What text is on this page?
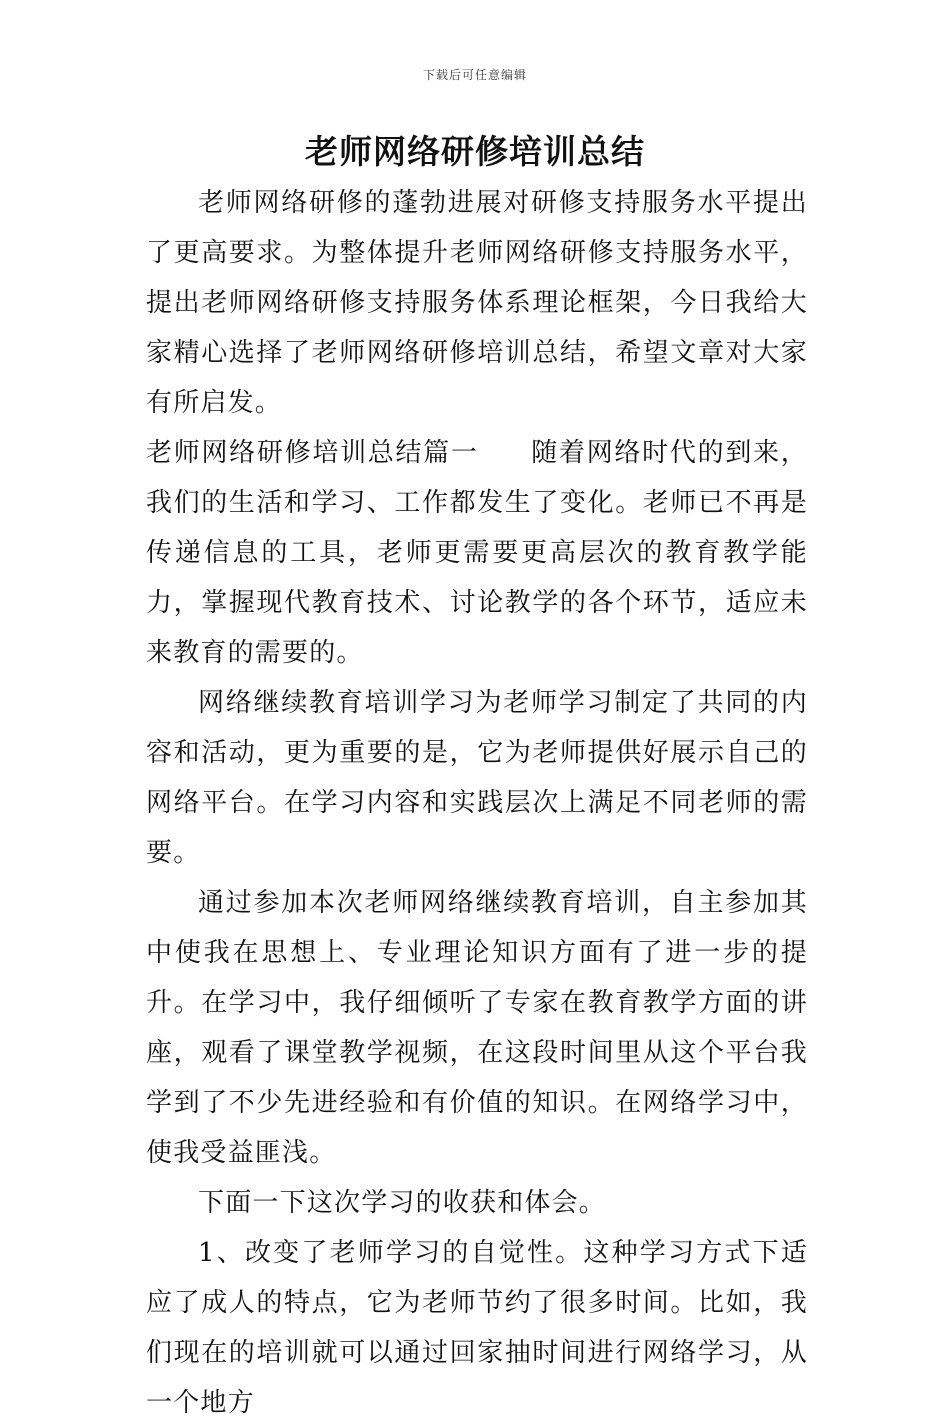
下载后可任意编辑
老师网络研修培训总结

老师网络研修的蓬勃进展对研修支持服务水平提出了更高要求。为整体提升老师网络研修支持服务水平，提出老师网络研修支持服务体系理论框架，今日我给大家精心选择了老师网络研修培训总结，希望文章对大家有所启发。

老师网络研修培训总结篇一 随着网络时代的到来，我们的生活和学习、工作都发生了变化。老师已不再是传递信息的工具，老师更需要更高层次的教育教学能力，掌握现代教育技术、讨论教学的各个环节，适应未来教育的需要的。

网络继续教育培训学习为老师学习制定了共同的内容和活动，更为重要的是，它为老师提供好展示自己的网络平台。在学习内容和实践层次上满足不同老师的需要。

通过参加本次老师网络继续教育培训，自主参加其中使我在思想上、专业理论知识方面有了进一步的提升。在学习中，我仔细倾听了专家在教育教学方面的讲座，观看了课堂教学视频，在这段时间里从这个平台我学到了不少先进经验和有价值的知识。在网络学习中，使我受益匪浅。

下面一下这次学习的收获和体会。

1、改变了老师学习的自觉性。这种学习方式下适应了成人的特点，它为老师节约了很多时间。比如，我们现在的培训就可以通过回家抽时间进行网络学习，从一个地方
